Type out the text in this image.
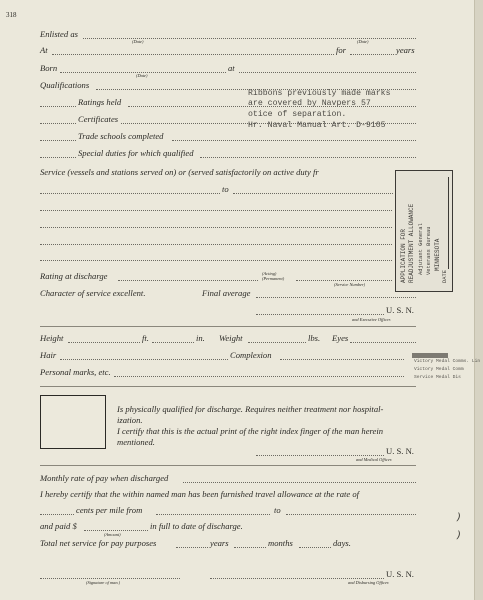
318
Enlisted as
(Date)	(Date)
At	for	years
Born
(Date)
at
Qualifications
Ratings held
Certificates
Trade schools completed
Special duties for which qualified
Ribbons previously made marks
are covered by Navpers 57
otice of separation.
Hr. Naval Manual Art. D-9105
Service (vessels and stations served on) or (served satisfactorily on active duty fr
to
APPLICATION FOR READJUSTMENT ALLOWANCE Adjutant General Veterans Bureau MINNESOTA
DATE
Rating at discharge	(Acting)
(Permanent)
(Service Number)
Character of service excellent.	Final average
U. S. N.
and Executive Officer.
Height	ft.	in. Weight	lbs. Eyes
Hair	Complexion
Personal marks, etc.
Victory Medal Comms. Lin
Victory Medal Comm
Service Medal Dis
Is physically qualified for discharge. Requires neither treatment nor hospital-
ization.
I certify that this is the actual print of the right index finger of the man herein
mentioned.
U. S. N.
and Medical Officer.
Monthly rate of pay when discharged
I hereby certify that the within named man has been furnished travel allowance at the rate of
cents per mile from	to
and paid $
(Amount)
in full to date of discharge.
Total net service for pay purposes	years	months	days.
)
)
(Signature of man.)
U. S. N.
and Disbursing Officer.
